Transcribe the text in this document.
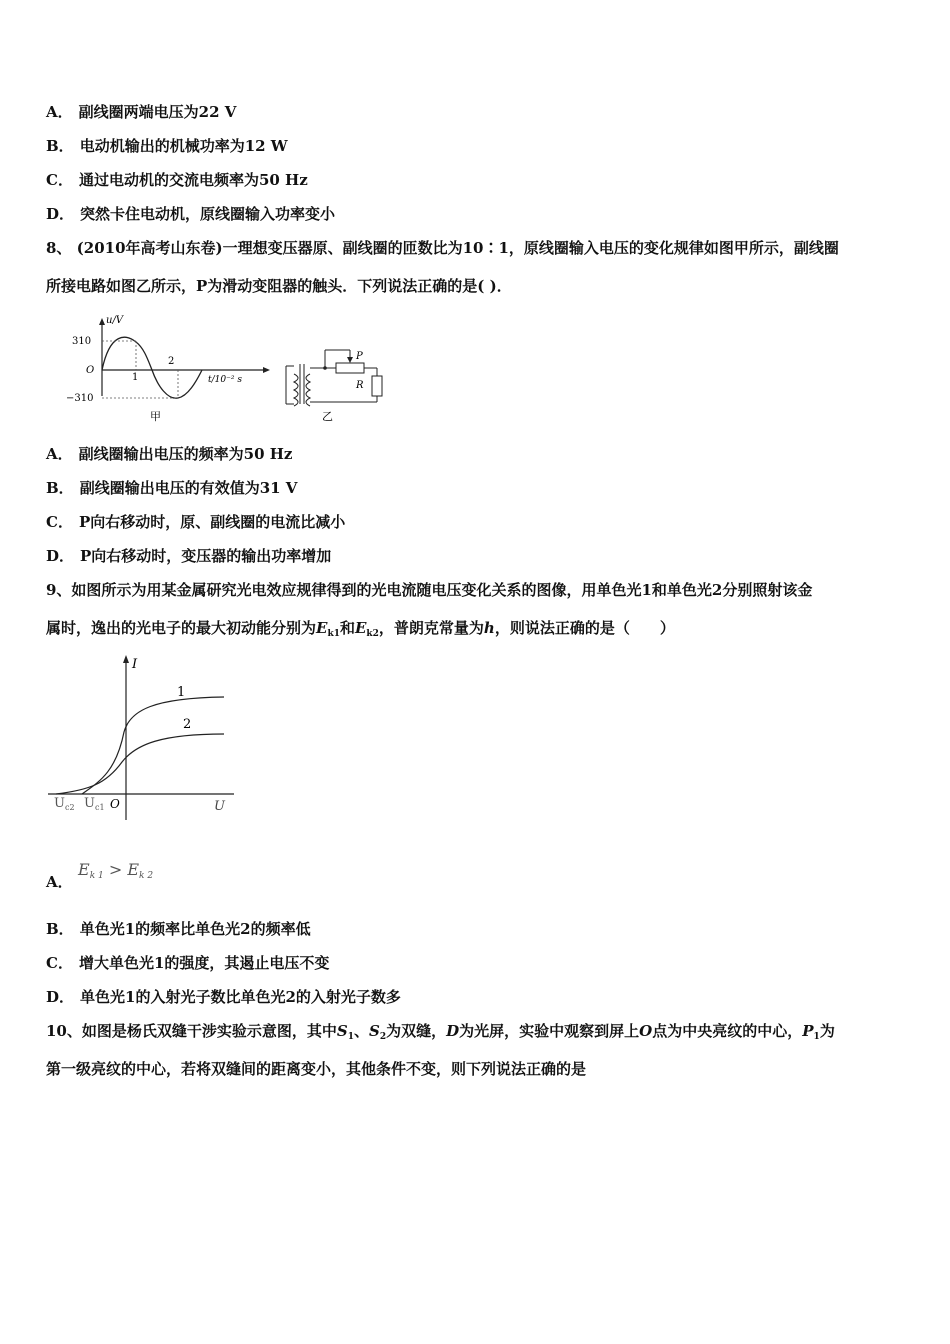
A． 副线圈两端电压为22 V
B． 电动机输出的机械功率为12 W
C． 通过电动机的交流电频率为50 Hz
D． 突然卡住电动机，原线圈输入功率变小
8、 (2010年高考山东卷)一理想变压器原、副线圈的匝数比为10∶1，原线圈输入电压的变化规律如图甲所示，副线圈
所接电路如图乙所示，P为滑动变阻器的触头．下列说法正确的是( )．
u/V
310
−310
O
1
2
t/10⁻² s
甲
P
R
乙
A． 副线圈输出电压的频率为50 Hz
B． 副线圈输出电压的有效值为31 V
C． P向右移动时，原、副线圈的电流比减小
D． P向右移动时，变压器的输出功率增加
9、如图所示为用某金属研究光电效应规律得到的光电流随电压变化关系的图像，用单色光1和单色光2分别照射该金
属时，逸出的光电子的最大初动能分别为$E_{k1}$和$E_{k2}$，普朗克常量为h，则说法正确的是（　　）
I
U
1
2
O
$U_{c2}$ $U_{c1}$
A．
$E_{k 1} > E_{k 2}$
B． 单色光1的频率比单色光2的频率低
C． 增大单色光1的强度，其遏止电压不变
D． 单色光1的入射光子数比单色光2的入射光子数多
10、如图是杨氏双缝干涉实验示意图，其中$S_1$、$S_2$为双缝，D为光屏，实验中观察到屏上O点为中央亮纹的中心，$P_1$为
第一级亮纹的中心，若将双缝间的距离变小，其他条件不变，则下列说法正确的是
